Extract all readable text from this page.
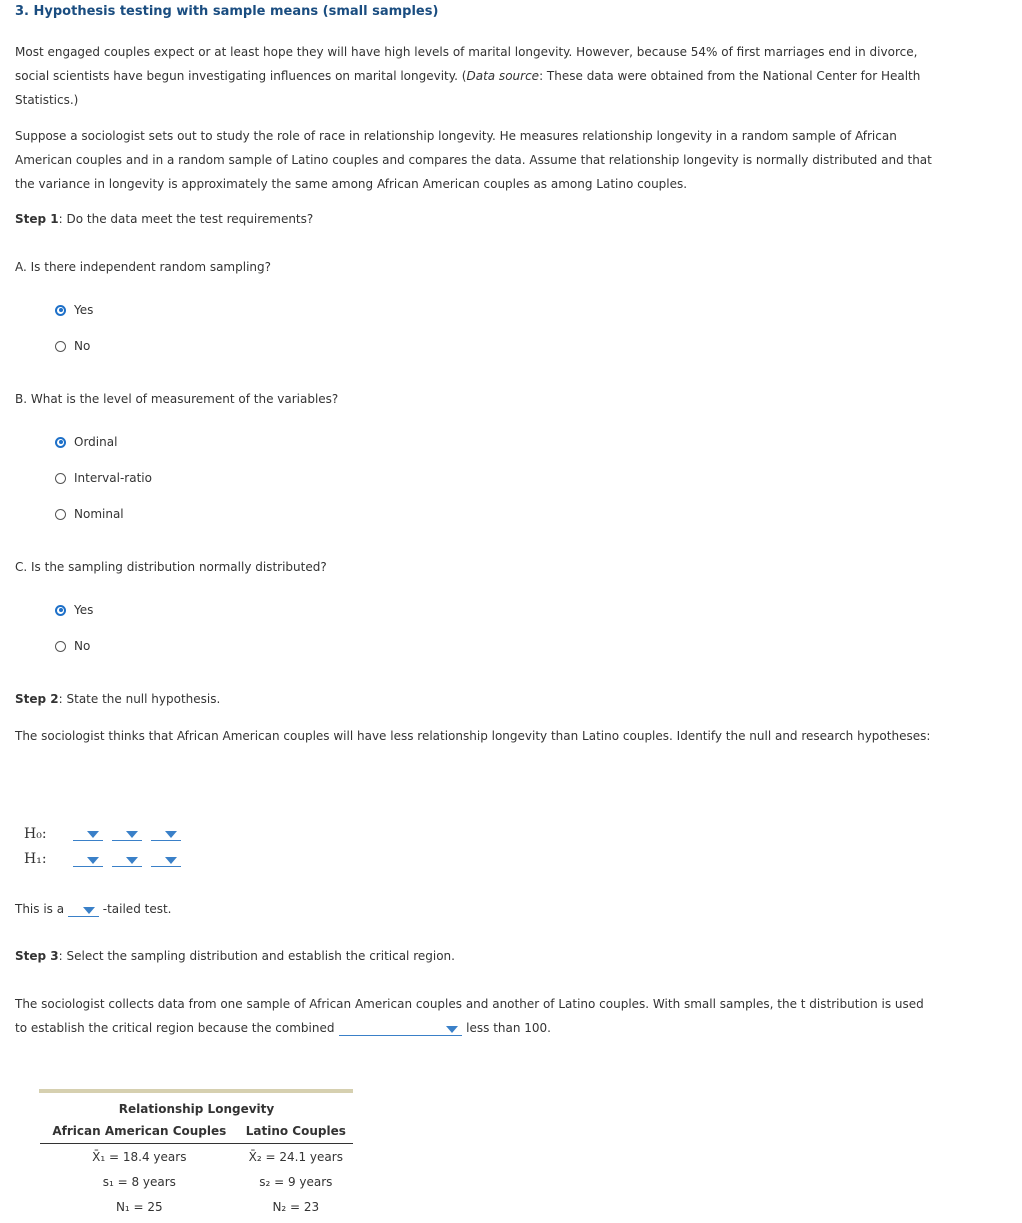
3. Hypothesis testing with sample means (small samples)
Most engaged couples expect or at least hope they will have high levels of marital longevity. However, because 54% of first marriages end in divorce, social scientists have begun investigating influences on marital longevity. (Data source: These data were obtained from the National Center for Health Statistics.)
Suppose a sociologist sets out to study the role of race in relationship longevity. He measures relationship longevity in a random sample of African American couples and in a random sample of Latino couples and compares the data. Assume that relationship longevity is normally distributed and that the variance in longevity is approximately the same among African American couples as among Latino couples.
Step 1: Do the data meet the test requirements?
A. Is there independent random sampling?
Yes
No
B. What is the level of measurement of the variables?
Ordinal
Interval-ratio
Nominal
C. Is the sampling distribution normally distributed?
Yes
No
Step 2: State the null hypothesis.
The sociologist thinks that African American couples will have less relationship longevity than Latino couples. Identify the null and research hypotheses:
H₀:

H₁:

This is a	-tailed test.
Step 3: Select the sampling distribution and establish the critical region.
The sociologist collects data from one sample of African American couples and another of Latino couples. With small samples, the t distribution is used
to establish the critical region because the combined	less than 100.
Relationship Longevity	
African American Couples	Latino Couples
X̄₁ = 18.4 years	X̄₂ = 24.1 years
s₁ = 8 years	s₂ = 9 years
N₁ = 25	N₂ = 23
